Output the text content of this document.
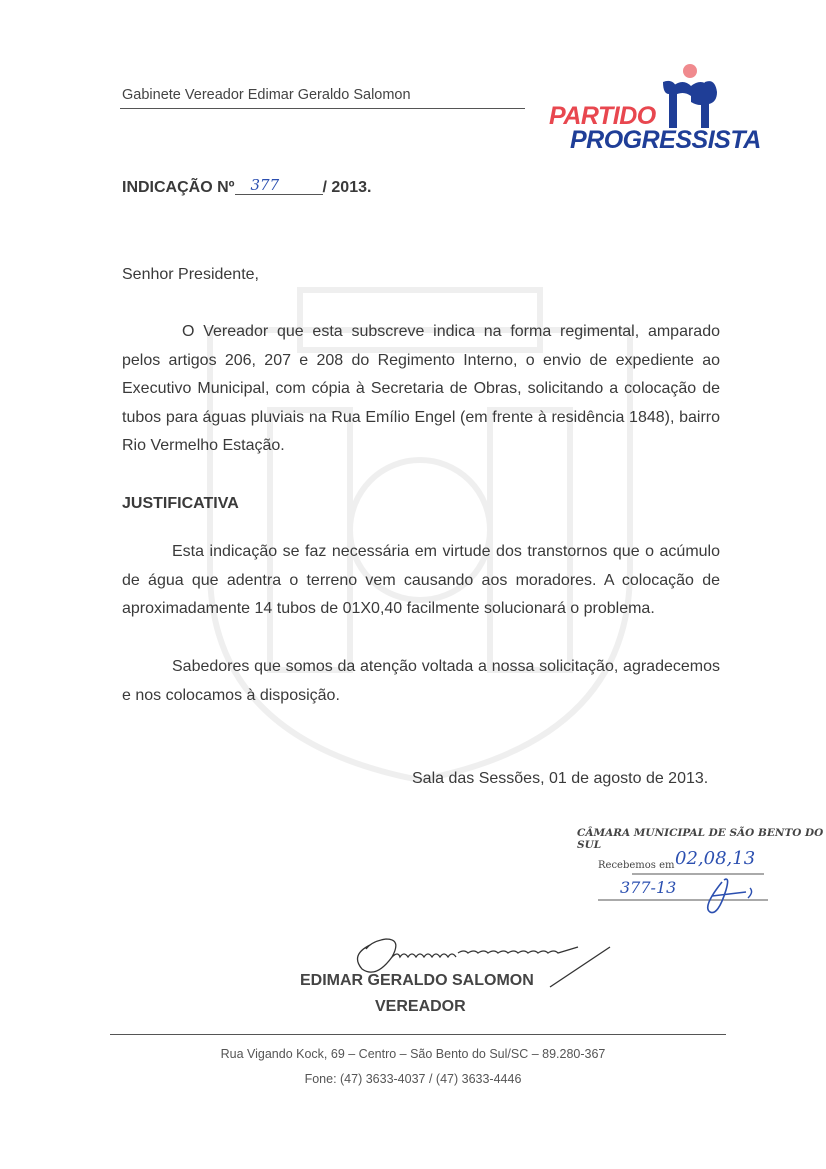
Gabinete Vereador Edimar Geraldo Salomon
PARTIDO
PROGRESSISTA
INDICAÇÃO Nº 377	/ 2013.
Senhor Presidente,
O Vereador que esta subscreve indica na forma regimental, amparado pelos artigos 206, 207 e 208 do Regimento Interno, o envio de expediente ao Executivo Municipal, com cópia à Secretaria de Obras, solicitando a colocação de tubos para águas pluviais na Rua Emílio Engel (em frente à residência 1848), bairro Rio Vermelho Estação.
JUSTIFICATIVA
Esta indicação se faz necessária em virtude dos transtornos que o acúmulo de água que adentra o terreno vem causando aos moradores. A colocação de aproximadamente 14 tubos de 01X0,40 facilmente solucionará o problema.
Sabedores que somos da atenção voltada a nossa solicitação, agradecemos e nos colocamos à disposição.
Sala das Sessões, 01 de agosto de 2013.
CÂMARA MUNICIPAL DE SÃO BENTO DO SUL
Recebemos em 02,08,13
377-13
EDIMAR GERALDO SALOMON
VEREADOR
Rua Vigando Kock, 69 – Centro – São Bento do Sul/SC – 89.280-367
Fone: (47) 3633-4037 / (47) 3633-4446
